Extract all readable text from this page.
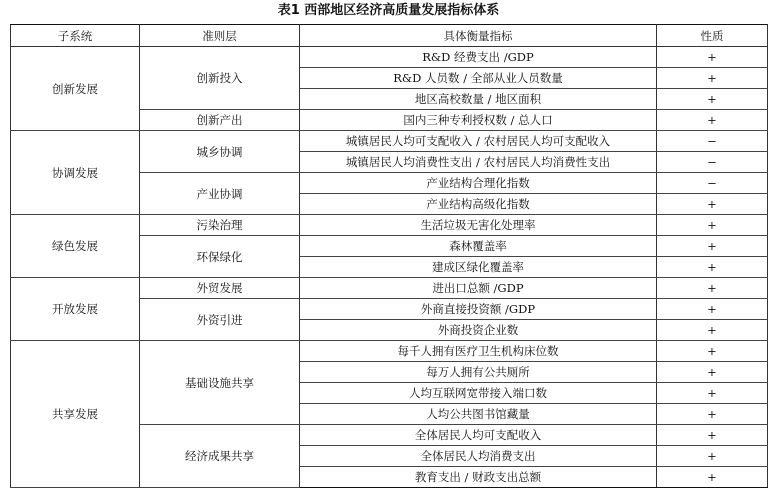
表1 西部地区经济高质量发展指标体系
子系统	准则层	具体衡量指标	性质
创新发展	创新投入	R&D 经费支出 /GDP	+
		R&D 人员数 / 全部从业人员数量	+
		地区高校数量 / 地区面积	+
	创新产出	国内三种专利授权数 / 总人口	+
协调发展	城乡协调	城镇居民人均可支配收入 / 农村居民人均可支配收入	−
		城镇居民人均消费性支出 / 农村居民人均消费性支出	−
	产业协调	产业结构合理化指数	−
		产业结构高级化指数	+
绿色发展	污染治理	生活垃圾无害化处理率	+
	环保绿化	森林覆盖率	+
		建成区绿化覆盖率	+
开放发展	外贸发展	进出口总额 /GDP	+
	外资引进	外商直接投资额 /GDP	+
		外商投资企业数	+
共享发展	基础设施共享	每千人拥有医疗卫生机构床位数	+
		每万人拥有公共厕所	+
		人均互联网宽带接入端口数	+
		人均公共图书馆藏量	+
	经济成果共享	全体居民人均可支配收入	+
		全体居民人均消费支出	+
		教育支出 / 财政支出总额	+
